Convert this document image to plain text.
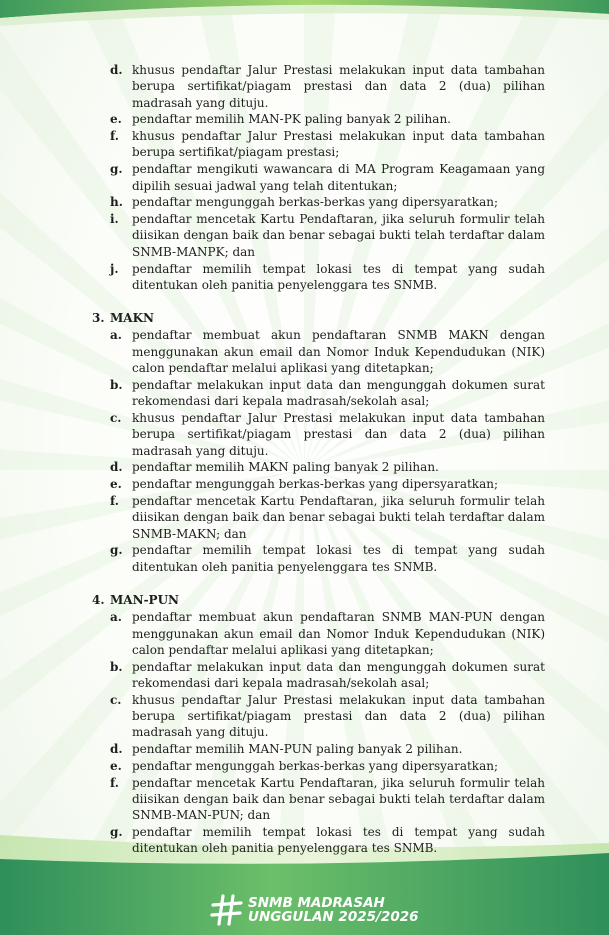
d. khusus pendaftar Jalur Prestasi melakukan input data tambahan berupa sertifikat/piagam prestasi dan data 2 (dua) pilihan madrasah yang dituju.
e. pendaftar memilih MAN-PK paling banyak 2 pilihan.
f. khusus pendaftar Jalur Prestasi melakukan input data tambahan berupa sertifikat/piagam prestasi;
g. pendaftar mengikuti wawancara di MA Program Keagamaan yang dipilih sesuai jadwal yang telah ditentukan;
h. pendaftar mengunggah berkas-berkas yang dipersyaratkan;
i. pendaftar mencetak Kartu Pendaftaran, jika seluruh formulir telah diisikan dengan baik dan benar sebagai bukti telah terdaftar dalam SNMB-MANPK; dan
j. pendaftar memilih tempat lokasi tes di tempat yang sudah ditentukan oleh panitia penyelenggara tes SNMB.
3. MAKN
a. pendaftar membuat akun pendaftaran SNMB MAKN dengan menggunakan akun email dan Nomor Induk Kependudukan (NIK) calon pendaftar melalui aplikasi yang ditetapkan;
b. pendaftar melakukan input data dan mengunggah dokumen surat rekomendasi dari kepala madrasah/sekolah asal;
c. khusus pendaftar Jalur Prestasi melakukan input data tambahan berupa sertifikat/piagam prestasi dan data 2 (dua) pilihan madrasah yang dituju.
d. pendaftar memilih MAKN paling banyak 2 pilihan.
e. pendaftar mengunggah berkas-berkas yang dipersyaratkan;
f. pendaftar mencetak Kartu Pendaftaran, jika seluruh formulir telah diisikan dengan baik dan benar sebagai bukti telah terdaftar dalam SNMB-MAKN; dan
g. pendaftar memilih tempat lokasi tes di tempat yang sudah ditentukan oleh panitia penyelenggara tes SNMB.
4. MAN-PUN
a. pendaftar membuat akun pendaftaran SNMB MAN-PUN dengan menggunakan akun email dan Nomor Induk Kependudukan (NIK) calon pendaftar melalui aplikasi yang ditetapkan;
b. pendaftar melakukan input data dan mengunggah dokumen surat rekomendasi dari kepala madrasah/sekolah asal;
c. khusus pendaftar Jalur Prestasi melakukan input data tambahan berupa sertifikat/piagam prestasi dan data 2 (dua) pilihan madrasah yang dituju.
d. pendaftar memilih MAN-PUN paling banyak 2 pilihan.
e. pendaftar mengunggah berkas-berkas yang dipersyaratkan;
f. pendaftar mencetak Kartu Pendaftaran, jika seluruh formulir telah diisikan dengan baik dan benar sebagai bukti telah terdaftar dalam SNMB-MAN-PUN; dan
g. pendaftar memilih tempat lokasi tes di tempat yang sudah ditentukan oleh panitia penyelenggara tes SNMB.
SNMB MADRASAH
UNGGULAN 2025/2026
